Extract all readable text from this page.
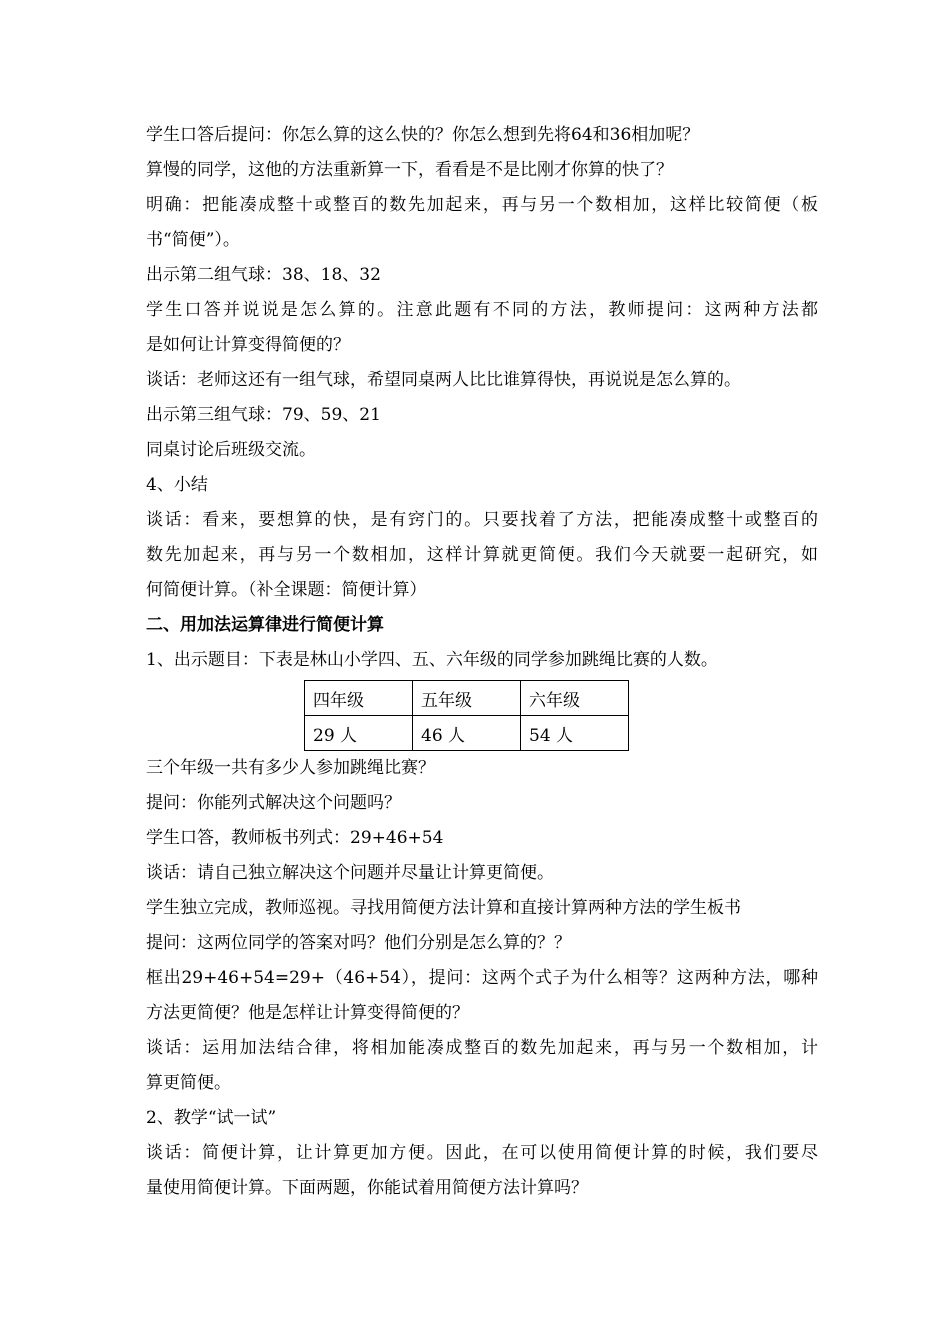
学生口答后提问：你怎么算的这么快的？你怎么想到先将64和36相加呢？
算慢的同学，这他的方法重新算一下，看看是不是比刚才你算的快了？
明确：把能凑成整十或整百的数先加起来，再与另一个数相加，这样比较简便（板
书“简便”）。
出示第二组气球：38、18、32
学生口答并说说是怎么算的。注意此题有不同的方法，教师提问：这两种方法都
是如何让计算变得简便的？
谈话：老师这还有一组气球，希望同桌两人比比谁算得快，再说说是怎么算的。
出示第三组气球：79、59、21
同桌讨论后班级交流。
4、小结
谈话：看来，要想算的快，是有窍门的。只要找着了方法，把能凑成整十或整百的
数先加起来，再与另一个数相加，这样计算就更简便。我们今天就要一起研究，如
何简便计算。（补全课题：简便计算）
二、用加法运算律进行简便计算
1、出示题目：下表是林山小学四、五、六年级的同学参加跳绳比赛的人数。
四年级	五年级	六年级
29 人	46 人	54 人
三个年级一共有多少人参加跳绳比赛？
提问：你能列式解决这个问题吗？
学生口答，教师板书列式：29+46+54
谈话：请自己独立解决这个问题并尽量让计算更简便。
学生独立完成，教师巡视。寻找用简便方法计算和直接计算两种方法的学生板书
提问：这两位同学的答案对吗？他们分别是怎么算的？？
框出29+46+54=29+（46+54），提问：这两个式子为什么相等？这两种方法，哪种
方法更简便？他是怎样让计算变得简便的？
谈话：运用加法结合律，将相加能凑成整百的数先加起来，再与另一个数相加，计
算更简便。
2、教学“试一试”
谈话：简便计算，让计算更加方便。因此，在可以使用简便计算的时候，我们要尽
量使用简便计算。下面两题，你能试着用简便方法计算吗？
